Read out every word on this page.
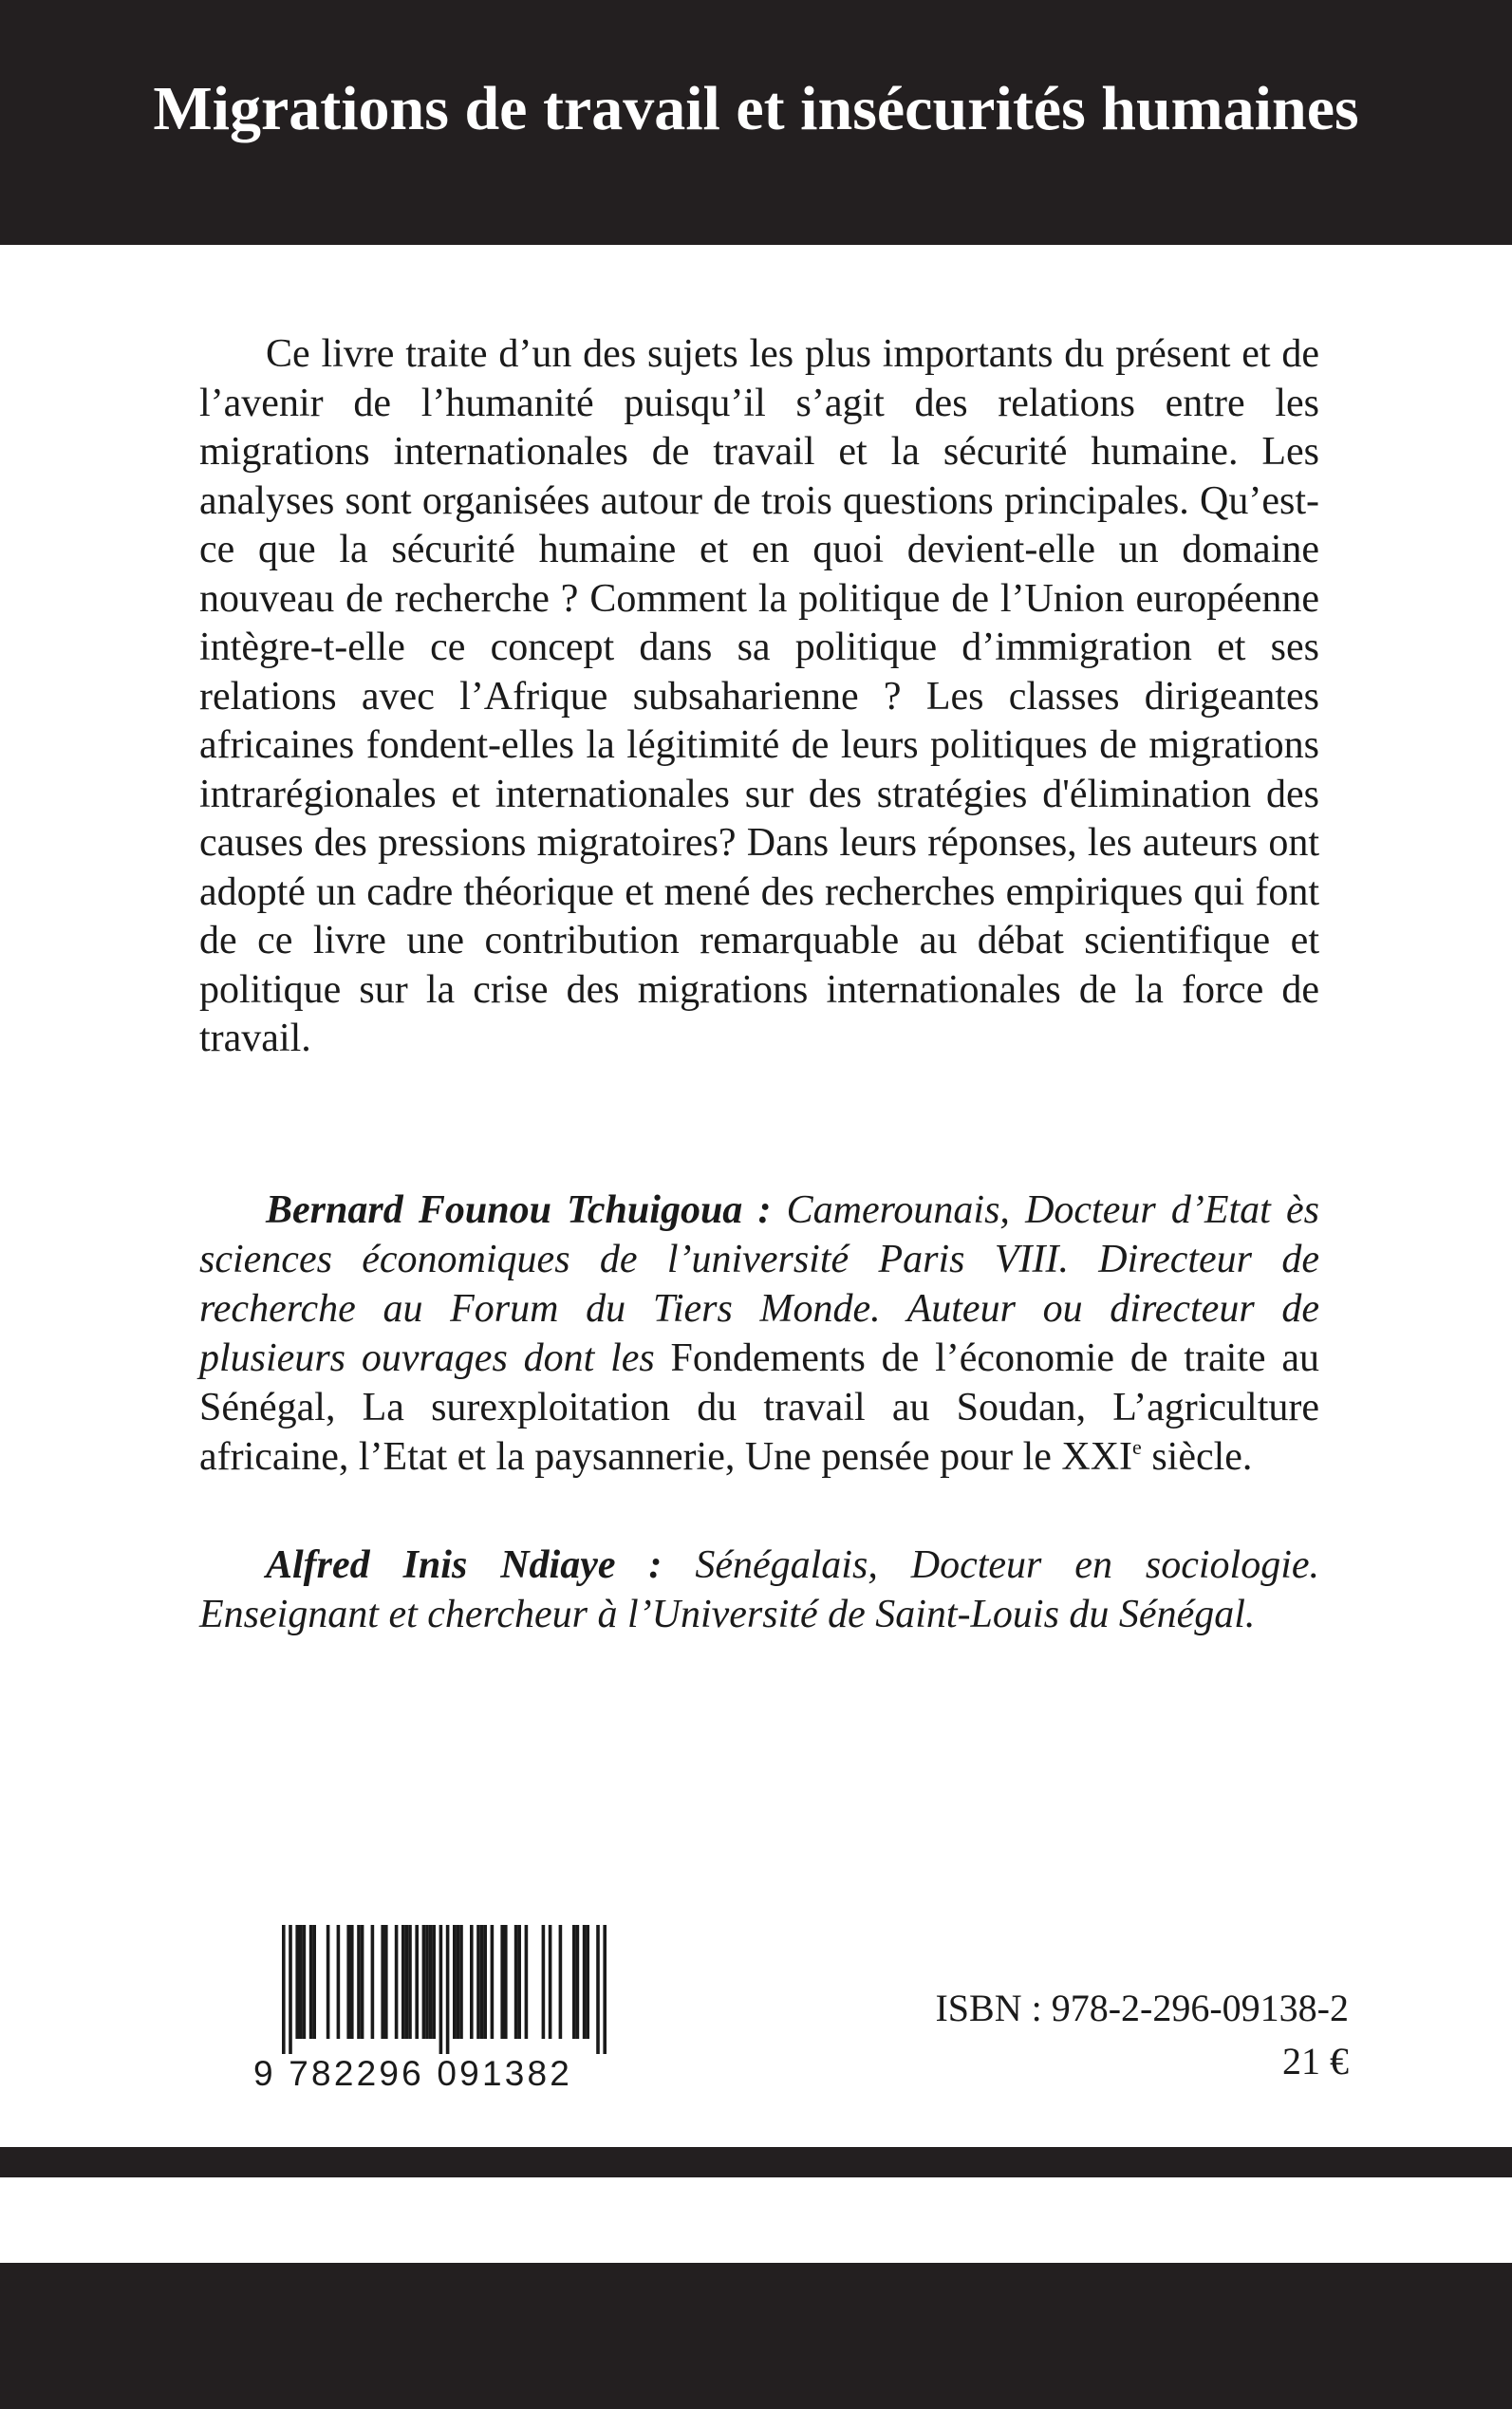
Migrations de travail et insécurités humaines

Ce livre traite d’un des sujets les plus importants du présent et de l’avenir de l’humanité puisqu’il s’agit des relations entre les migrations internationales de travail et la sécurité humaine. Les analyses sont organisées autour de trois questions principales. Qu’est-ce que la sécurité humaine et en quoi devient-elle un domaine nouveau de recherche ? Comment la politique de l’Union européenne intègre-t-elle ce concept dans sa politique d’immigration et ses relations avec l’Afrique subsaharienne ? Les classes dirigeantes africaines fondent-elles la légitimité de leurs politiques de migrations intrarégionales et internationales sur des stratégies d'élimination des causes des pressions migratoires? Dans leurs réponses, les auteurs ont adopté un cadre théorique et mené des recherches empiriques qui font de ce livre une contribution remarquable au débat scientifique et politique sur la crise des migrations internationales de la force de travail.

Bernard Founou Tchuigoua : Camerounais, Docteur d’Etat ès sciences économiques de l’université Paris VIII. Directeur de recherche au Forum du Tiers Monde. Auteur ou directeur de plusieurs ouvrages dont les Fondements de l’économie de traite au Sénégal, La surexploitation du travail au Soudan, L’agriculture africaine, l’Etat et la paysannerie, Une pensée pour le XXIe siècle.

Alfred Inis Ndiaye : Sénégalais, Docteur en sociologie. Enseignant et chercheur à l’Université de Saint-Louis du Sénégal.

9 782296 091382

ISBN : 978-2-296-09138-2

21 €
